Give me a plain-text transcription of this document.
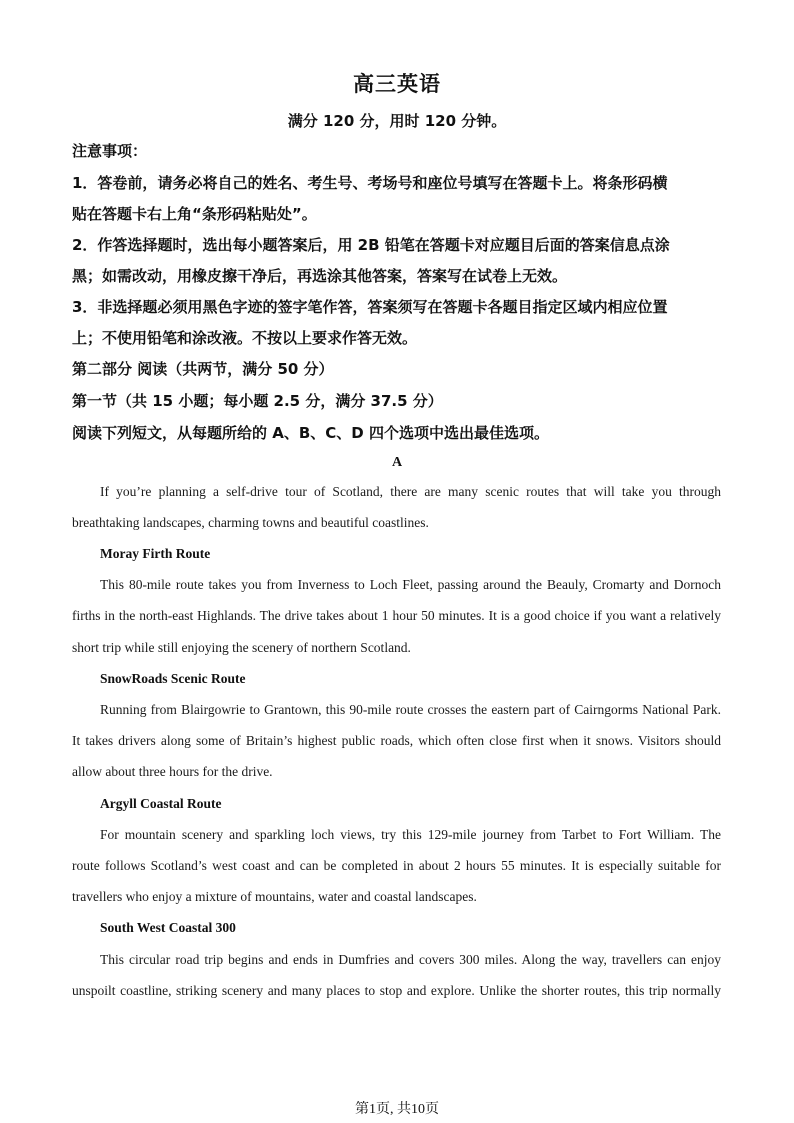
高三英语
满分 120 分，用时 120 分钟。
注意事项：
1．答卷前，请务必将自己的姓名、考生号、考场号和座位号填写在答题卡上。将条形码横
贴在答题卡右上角“条形码粘贴处”。
2．作答选择题时，选出每小题答案后，用 2B 铅笔在答题卡对应题目后面的答案信息点涂
黑；如需改动，用橡皮擦干净后，再选涂其他答案，答案写在试卷上无效。
3．非选择题必须用黑色字迹的签字笔作答，答案须写在答题卡各题目指定区域内相应位置
上；不使用铅笔和涂改液。不按以上要求作答无效。
第二部分 阅读（共两节，满分 50 分）
第一节（共 15 小题；每小题 2.5 分，满分 37.5 分）
阅读下列短文，从每题所给的 A、B、C、D 四个选项中选出最佳选项。
A
If you’re planning a self-drive tour of Scotland, there are many scenic routes that will take you through
breathtaking landscapes, charming towns and beautiful coastlines.
Moray Firth Route
This 80-mile route takes you from Inverness to Loch Fleet, passing around the Beauly, Cromarty and Dornoch
firths in the north-east Highlands. The drive takes about 1 hour 50 minutes. It is a good choice if you want a relatively
short trip while still enjoying the scenery of northern Scotland.
SnowRoads Scenic Route
Running from Blairgowrie to Grantown, this 90-mile route crosses the eastern part of Cairngorms National Park.
It takes drivers along some of Britain’s highest public roads, which often close first when it snows. Visitors should
allow about three hours for the drive.
Argyll Coastal Route
For mountain scenery and sparkling loch views, try this 129-mile journey from Tarbet to Fort William. The
route follows Scotland’s west coast and can be completed in about 2 hours 55 minutes. It is especially suitable for
travellers who enjoy a mixture of mountains, water and coastal landscapes.
South West Coastal 300
This circular road trip begins and ends in Dumfries and covers 300 miles. Along the way, travellers can enjoy
unspoilt coastline, striking scenery and many places to stop and explore. Unlike the shorter routes, this trip normally
第1页, 共10页
